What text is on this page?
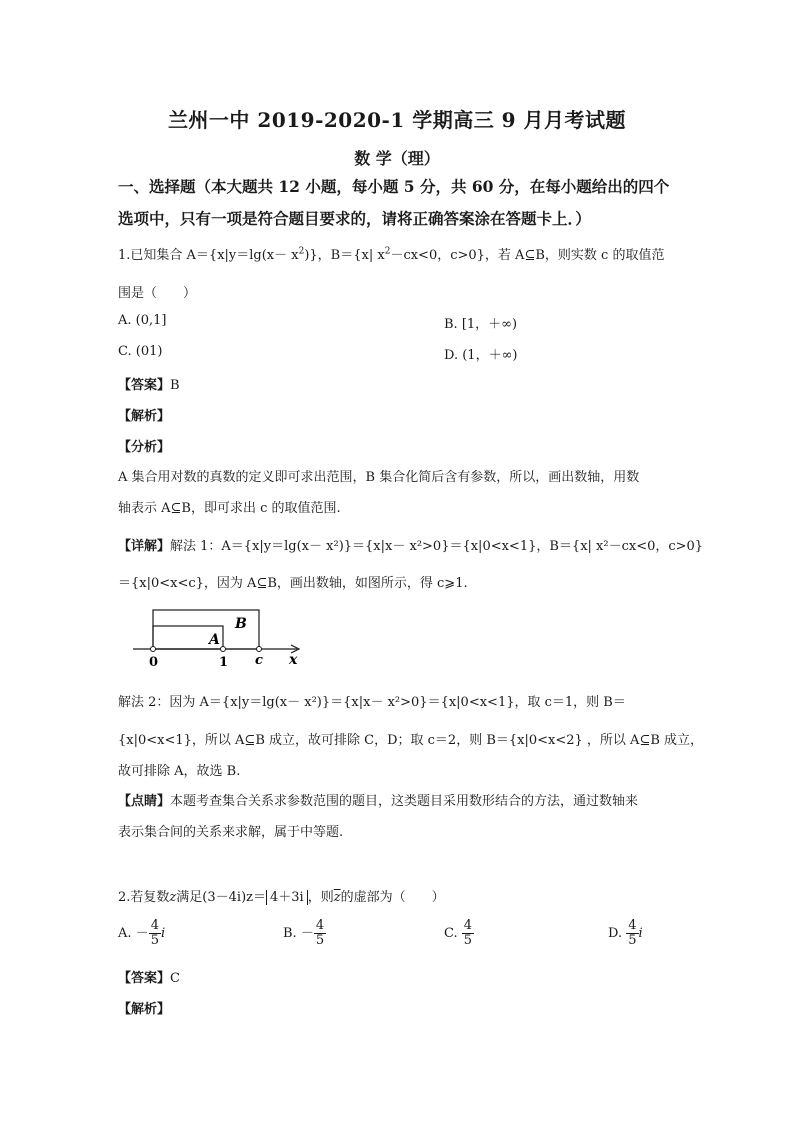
兰州一中 2019-2020-1 学期高三 9 月月考试题
数 学（理）
一、选择题（本大题共 12 小题，每小题 5 分，共 60 分，在每小题给出的四个
选项中，只有一项是符合题目要求的，请将正确答案涂在答题卡上．）
1.已知集合 $A=\{x|y=\lg(x- x^2)\}$，B＝{x| $x^2-cx<0$，c>0}，若 A⊆B，则实数 c 的取值范
围是（　　）
A. (0,1]	B. [1，＋∞)
C. (01)	D. (1，＋∞)
【答案】B
【解析】
【分析】
A 集合用对数的真数的定义即可求出范围，B 集合化简后含有参数，所以，画出数轴，用数
轴表示 A⊆B，即可求出 c 的取值范围.
【详解】解法 1：A＝{x|y＝lg(x－ x²)}＝{x|x－ x²>0}＝{x|0<x<1}，B＝{x| x²－cx<0，c>0}
＝{x|0<x<c}，因为 A⊆B，画出数轴，如图所示，得 c⩾1.
A
B
0	1 c x
解法 2：因为 A＝{x|y＝lg(x－ x²)}＝{x|x－ x²>0}＝{x|0<x<1}，取 c＝1，则 B＝
{x|0<x<1}，所以 A⊆B 成立，故可排除 C，D；取 c＝2，则 B＝{x|0<x<2} ，所以 A⊆B 成立，
故可排除 A，故选 B.
【点睛】本题考查集合关系求参数范围的题目，这类题目采用数形结合的方法，通过数轴来
表示集合间的关系来求解，属于中等题.
2.若复数z满足(3－4i)z＝ 4＋3i ，则$\overline{z}$的虚部为（　　）
A. － $\frac{4}{5}$ i	B. － $\frac{4}{5}$	C. $\frac{4}{5}$	D. $\frac{4}{5}$ i
【答案】C
【解析】
